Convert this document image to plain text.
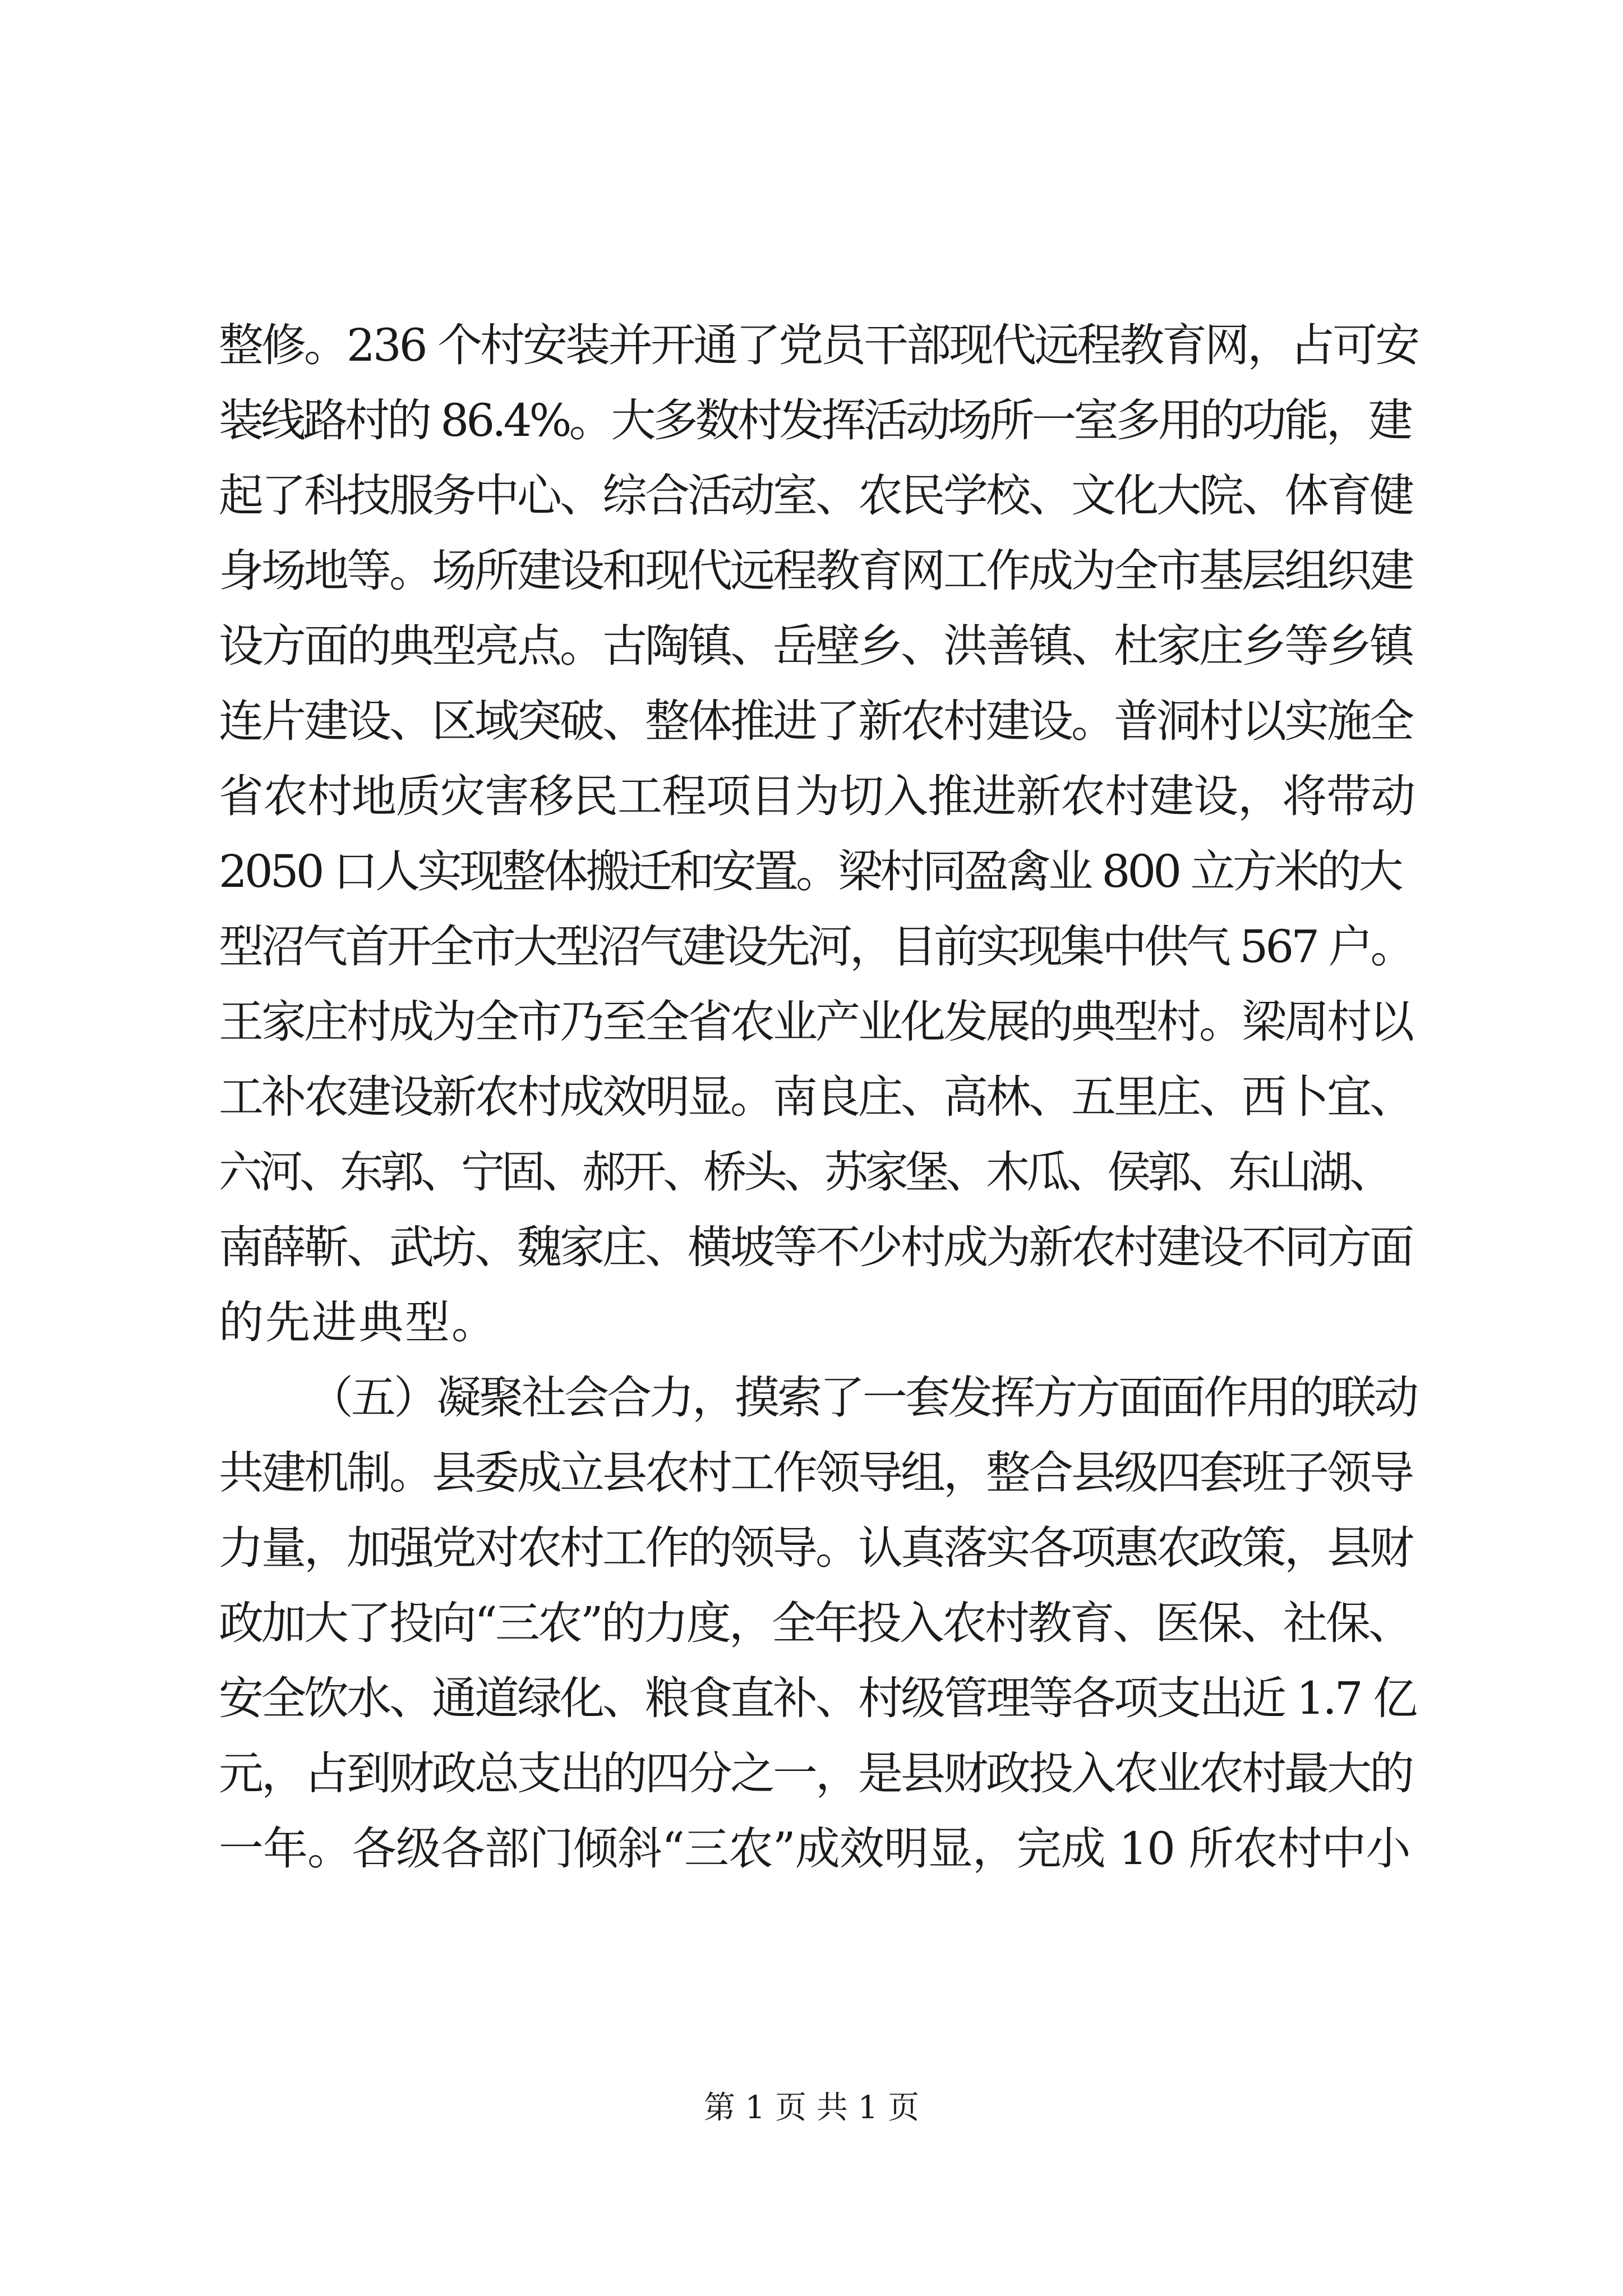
整修。236 个村安装并开通了党员干部现代远程教育网，占可安
装线路村的 86.4%。大多数村发挥活动场所一室多用的功能，建
起了科技服务中心、综合活动室、农民学校、文化大院、体育健
身场地等。场所建设和现代远程教育网工作成为全市基层组织建
设方面的典型亮点。古陶镇、岳壁乡、洪善镇、杜家庄乡等乡镇
连片建设、区域突破、整体推进了新农村建设。普洞村以实施全
省农村地质灾害移民工程项目为切入推进新农村建设，将带动
2050 口人实现整体搬迁和安置。梁村同盈禽业 800 立方米的大
型沼气首开全市大型沼气建设先河，目前实现集中供气 567 户。
王家庄村成为全市乃至全省农业产业化发展的典型村。梁周村以
工补农建设新农村成效明显。南良庄、高林、五里庄、西卜宜、
六河、东郭、宁固、郝开、桥头、苏家堡、木瓜、侯郭、东山湖、
南薛靳、武坊、魏家庄、横坡等不少村成为新农村建设不同方面
的先进典型。
（五）凝聚社会合力，摸索了一套发挥方方面面作用的联动
共建机制。县委成立县农村工作领导组，整合县级四套班子领导
力量，加强党对农村工作的领导。认真落实各项惠农政策，县财
政加大了投向“三农”的力度，全年投入农村教育、医保、社保、
安全饮水、通道绿化、粮食直补、村级管理等各项支出近 1.7 亿
元，占到财政总支出的四分之一，是县财政投入农业农村最大的
一年。各级各部门倾斜“三农”成效明显，完成 10 所农村中小
第 1 页 共 1 页
